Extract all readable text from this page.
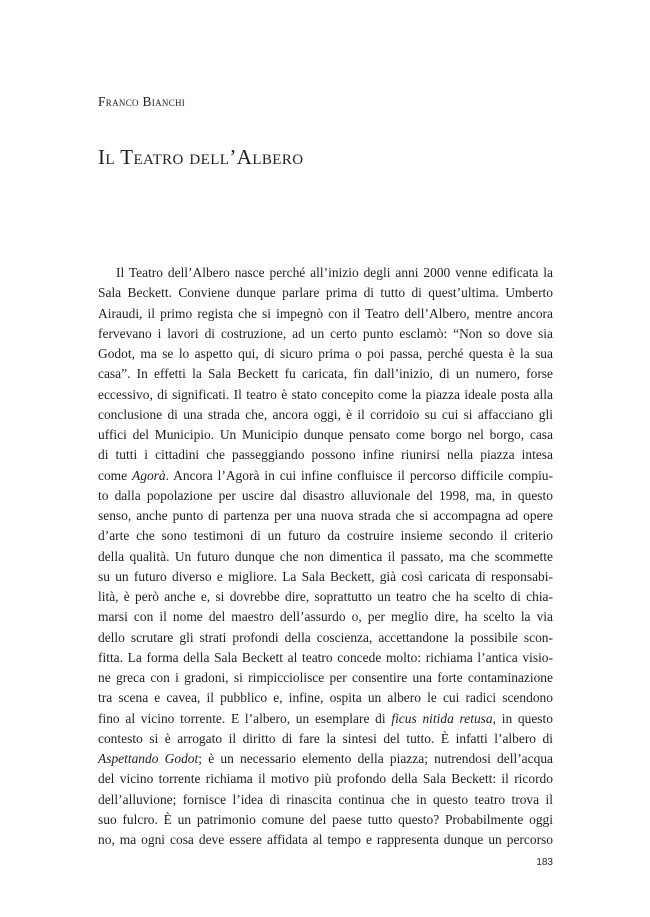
Franco Bianchi
Il Teatro dell’Albero
Il Teatro dell’Albero nasce perché all’inizio degli anni 2000 venne edificata la
Sala Beckett. Conviene dunque parlare prima di tutto di quest’ultima. Umberto
Airaudi, il primo regista che si impegnò con il Teatro dell’Albero, mentre ancora
fervevano i lavori di costruzione, ad un certo punto esclamò: “Non so dove sia
Godot, ma se lo aspetto qui, di sicuro prima o poi passa, perché questa è la sua
casa”. In effetti la Sala Beckett fu caricata, fin dall’inizio, di un numero, forse
eccessivo, di significati. Il teatro è stato concepito come la piazza ideale posta alla
conclusione di una strada che, ancora oggi, è il corridoio su cui si affacciano gli
uffici del Municipio. Un Municipio dunque pensato come borgo nel borgo, casa
di tutti i cittadini che passeggiando possono infine riunirsi nella piazza intesa
come Agorà. Ancora l’Agorà in cui infine confluisce il percorso difficile compiu-
to dalla popolazione per uscire dal disastro alluvionale del 1998, ma, in questo
senso, anche punto di partenza per una nuova strada che si accompagna ad opere
d’arte che sono testimoni di un futuro da costruire insieme secondo il criterio
della qualità. Un futuro dunque che non dimentica il passato, ma che scommette
su un futuro diverso e migliore. La Sala Beckett, già così caricata di responsabi-
lità, è però anche e, si dovrebbe dire, soprattutto un teatro che ha scelto di chia-
marsi con il nome del maestro dell’assurdo o, per meglio dire, ha scelto la via
dello scrutare gli strati profondi della coscienza, accettandone la possibile scon-
fitta. La forma della Sala Beckett al teatro concede molto: richiama l’antica visio-
ne greca con i gradoni, si rimpicciolisce per consentire una forte contaminazione
tra scena e cavea, il pubblico e, infine, ospita un albero le cui radici scendono
fino al vicino torrente. E l’albero, un esemplare di ficus nitida retusa, in questo
contesto si è arrogato il diritto di fare la sintesi del tutto. È infatti l’albero di
Aspettando Godot; è un necessario elemento della piazza; nutrendosi dell’acqua
del vicino torrente richiama il motivo più profondo della Sala Beckett: il ricordo
dell’alluvione; fornisce l’idea di rinascita continua che in questo teatro trova il
suo fulcro. È un patrimonio comune del paese tutto questo? Probabilmente oggi
no, ma ogni cosa deve essere affidata al tempo e rappresenta dunque un percorso

183
